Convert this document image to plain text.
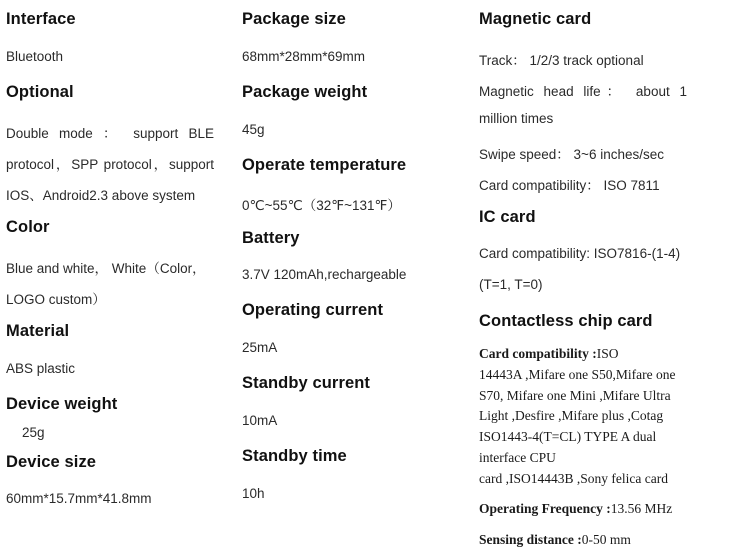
Interface
Bluetooth
Optional
Double mode ： support BLE
protocol，SPP protocol，support
IOS、Android2.3 above system
Color
Blue and white， White（Color，
LOGO custom）
Material
ABS plastic
Device weight
25g
Device size
60mm*15.7mm*41.8mm
Package size
68mm*28mm*69mm
Package weight
45g
Operate temperature
0℃~55℃（32℉~131℉）
Battery
3.7V 120mAh,rechargeable
Operating current
25mA
Standby current
10mA
Standby time
10h
Magnetic card
Track： 1/2/3 track optional
Magnetic head life： about 1
million times
Swipe speed： 3~6 inches/sec
Card compatibility： ISO 7811
IC card
Card compatibility: ISO7816-(1-4)
(T=1, T=0)
Contactless chip card
Card compatibility :ISO
14443A ,Mifare one S50,Mifare one
S70, Mifare one Mini ,Mifare Ultra
Light ,Desfire ,Mifare plus ,Cotag
ISO1443-4(T=CL) TYPE A dual
interface CPU
card ,ISO14443B ,Sony felica card
Operating Frequency :13.56 MHz
Sensing distance :0-50 mm
